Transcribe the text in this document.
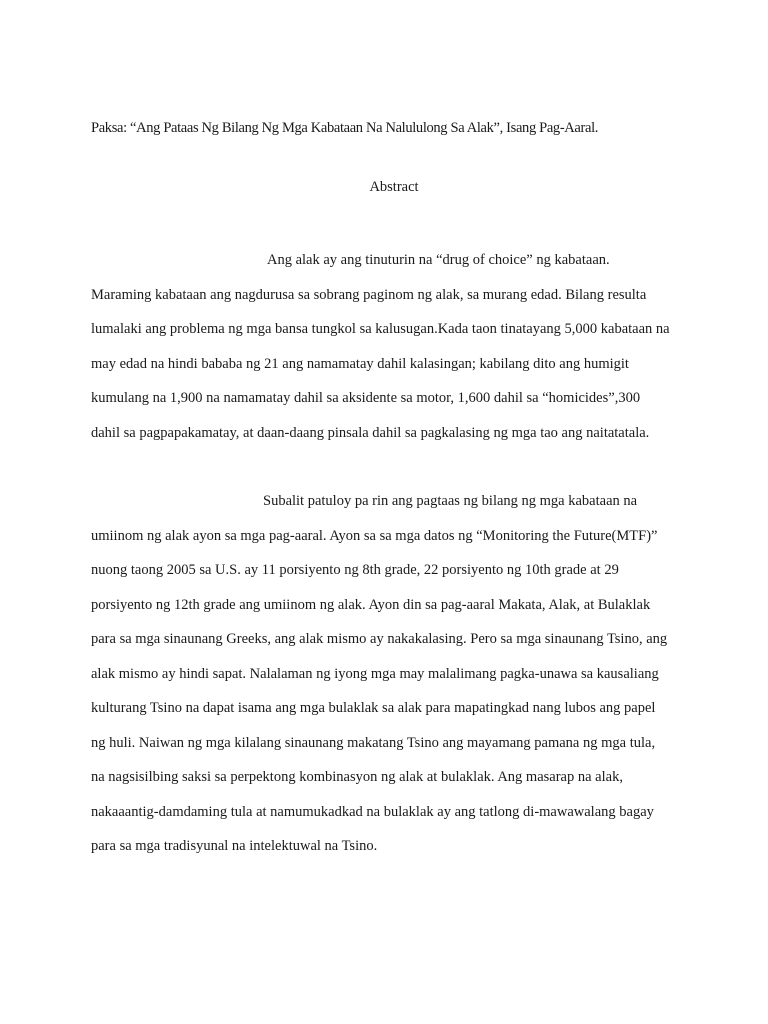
Paksa: “Ang Pataas Ng Bilang Ng Mga Kabataan Na Nalululong Sa Alak”, Isang Pag-Aaral.
Abstract

Ang alak ay ang tinuturin na “drug of choice” ng kabataan. Maraming kabataan ang nagdurusa sa sobrang paginom ng alak, sa murang edad. Bilang resulta lumalaki ang problema ng mga bansa tungkol sa kalusugan.Kada taon tinatayang 5,000 kabataan na may edad na hindi bababa ng 21 ang namamatay dahil kalasingan; kabilang dito ang humigit kumulang na 1,900 na namamatay dahil sa aksidente sa motor, 1,600 dahil sa “homicides”,300 dahil sa pagpapakamatay, at daan-daang pinsala dahil sa pagkalasing ng mga tao ang naitatatala.

Subalit patuloy pa rin ang pagtaas ng bilang ng mga kabataan na umiinom ng alak ayon sa mga pag-aaral. Ayon sa sa mga datos ng “Monitoring the Future(MTF)” nuong taong 2005 sa U.S. ay 11 porsiyento ng 8th grade, 22 porsiyento ng 10th grade at 29 porsiyento ng 12th grade ang umiinom ng alak. Ayon din sa pag-aaral Makata, Alak, at Bulaklak para sa mga sinaunang Greeks, ang alak mismo ay nakakalasing. Pero sa mga sinaunang Tsino, ang alak mismo ay hindi sapat. Nalalaman ng iyong mga may malalimang pagka-unawa sa kausaliang kulturang Tsino na dapat isama ang mga bulaklak sa alak para mapatingkad nang lubos ang papel ng huli. Naiwan ng mga kilalang sinaunang makatang Tsino ang mayamang pamana ng mga tula, na nagsisilbing saksi sa perpektong kombinasyon ng alak at bulaklak. Ang masarap na alak, nakaaantig-damdaming tula at namumukadkad na bulaklak ay ang tatlong di-mawawalang bagay para sa mga tradisyunal na intelektuwal na Tsino.
